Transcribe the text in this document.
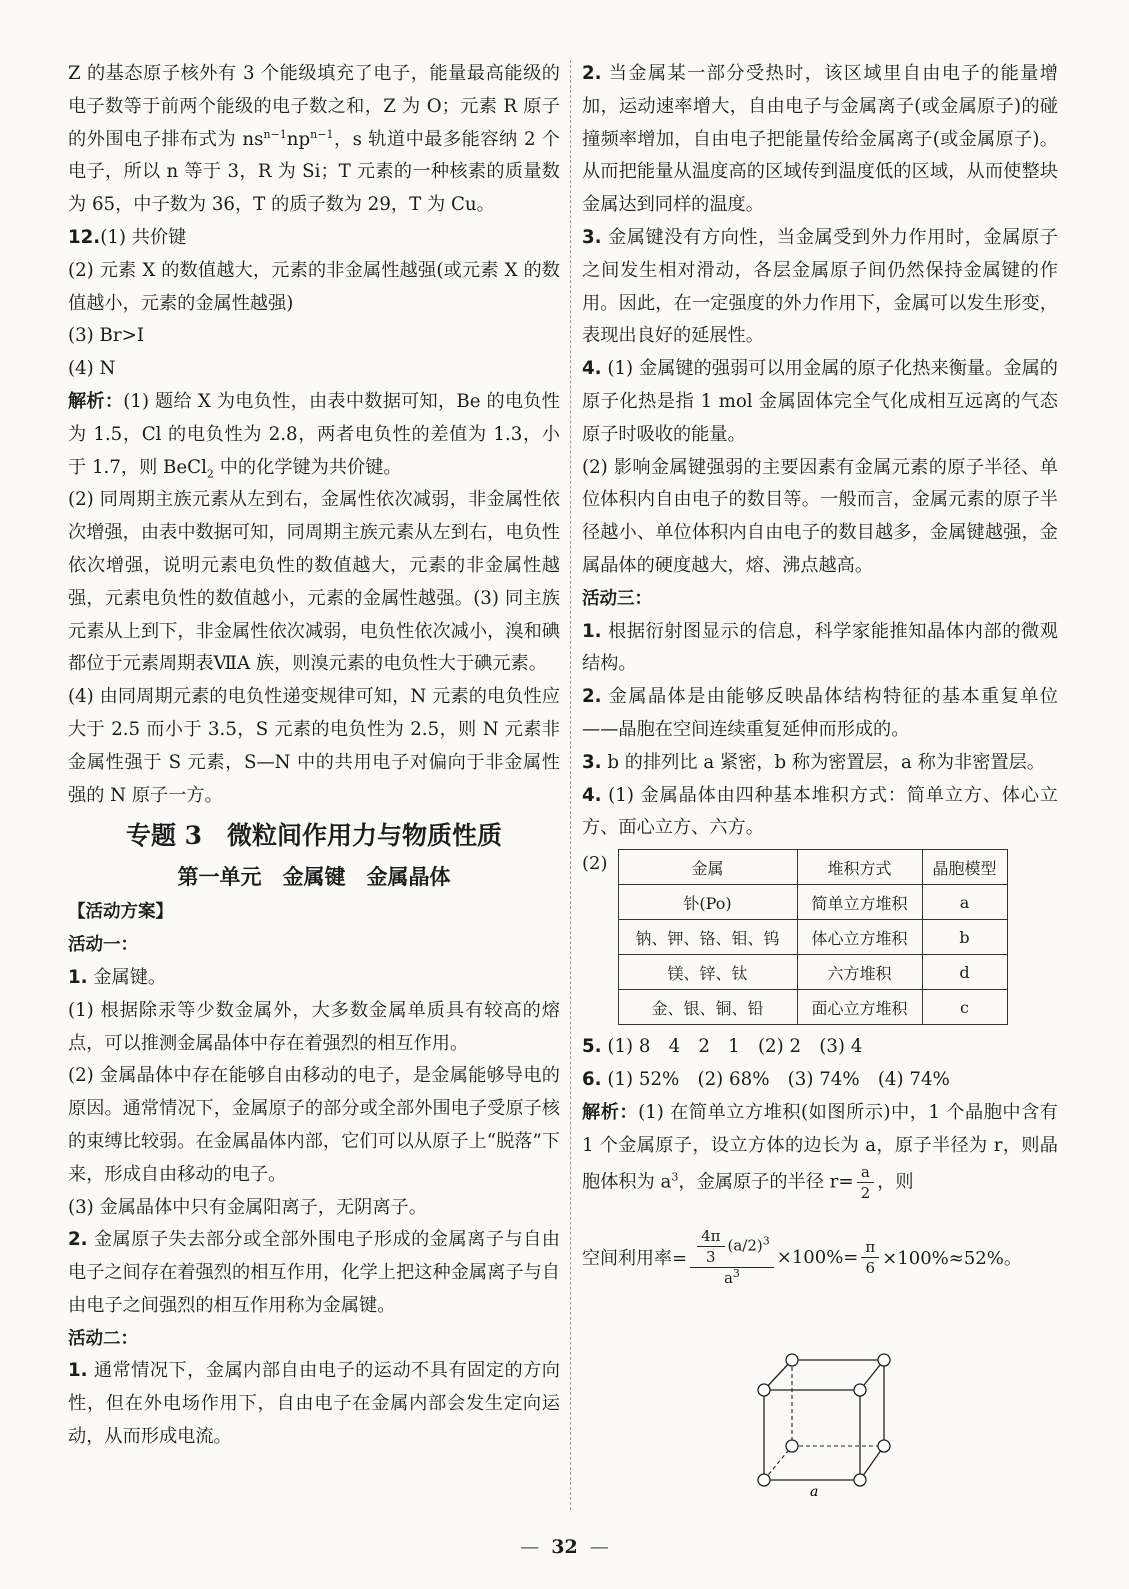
Z 的基态原子核外有 3 个能级填充了电子，能量最高能级的电子数等于前两个能级的电子数之和，Z 为 O；元素 R 原子的外围电子排布式为 $ns^{n-1}np^{n-1}$，s 轨道中最多能容纳 2 个电子，所以 n 等于 3，R 为 Si；T 元素的一种核素的质量数为 65，中子数为 36，T 的质子数为 29，T 为 Cu。

12.(1) 共价键

(2) 元素 X 的数值越大，元素的非金属性越强(或元素 X 的数值越小，元素的金属性越强)

(3) Br>I

(4) N

解析：(1) 题给 X 为电负性，由表中数据可知，Be 的电负性为 1.5，Cl 的电负性为 2.8，两者电负性的差值为 1.3，小于 1.7，则 BeCl$_2$ 中的化学键为共价键。

(2) 同周期主族元素从左到右，金属性依次减弱，非金属性依次增强，由表中数据可知，同周期主族元素从左到右，电负性依次增强，说明元素电负性的数值越大，元素的非金属性越强，元素电负性的数值越小，元素的金属性越强。(3) 同主族元素从上到下，非金属性依次减弱，电负性依次减小，溴和碘都位于元素周期表ⅦA 族，则溴元素的电负性大于碘元素。

(4) 由同周期元素的电负性递变规律可知，N 元素的电负性应大于 2.5 而小于 3.5，S 元素的电负性为 2.5，则 N 元素非金属性强于 S 元素，S—N 中的共用电子对偏向于非金属性强的 N 原子一方。

专题 3　微粒间作用力与物质性质
第一单元　金属键　金属晶体
【活动方案】
活动一：

1. 金属键。

(1) 根据除汞等少数金属外，大多数金属单质具有较高的熔点，可以推测金属晶体中存在着强烈的相互作用。

(2) 金属晶体中存在能够自由移动的电子，是金属能够导电的原因。通常情况下，金属原子的部分或全部外围电子受原子核的束缚比较弱。在金属晶体内部，它们可以从原子上“脱落”下来，形成自由移动的电子。

(3) 金属晶体中只有金属阳离子，无阴离子。

2. 金属原子失去部分或全部外围电子形成的金属离子与自由电子之间存在着强烈的相互作用，化学上把这种金属离子与自由电子之间强烈的相互作用称为金属键。

活动二：

1. 通常情况下，金属内部自由电子的运动不具有固定的方向性，但在外电场作用下，自由电子在金属内部会发生定向运动，从而形成电流。

2. 当金属某一部分受热时，该区域里自由电子的能量增加，运动速率增大，自由电子与金属离子(或金属原子)的碰撞频率增加，自由电子把能量传给金属离子(或金属原子)。从而把能量从温度高的区域传到温度低的区域，从而使整块金属达到同样的温度。

3. 金属键没有方向性，当金属受到外力作用时，金属原子之间发生相对滑动，各层金属原子间仍然保持金属键的作用。因此，在一定强度的外力作用下，金属可以发生形变，表现出良好的延展性。

4. (1) 金属键的强弱可以用金属的原子化热来衡量。金属的原子化热是指 1 mol 金属固体完全气化成相互远离的气态原子时吸收的能量。

(2) 影响金属键强弱的主要因素有金属元素的原子半径、单位体积内自由电子的数目等。一般而言，金属元素的原子半径越小、单位体积内自由电子的数目越多，金属键越强，金属晶体的硬度越大，熔、沸点越高。

活动三：

1. 根据衍射图显示的信息，科学家能推知晶体内部的微观结构。

2. 金属晶体是由能够反映晶体结构特征的基本重复单位——晶胞在空间连续重复延伸而形成的。

3. b 的排列比 a 紧密，b 称为密置层，a 称为非密置层。

4. (1) 金属晶体由四种基本堆积方式：简单立方、体心立方、面心立方、六方。

(2)	金属	堆积方式	晶胞模型
钋(Po)	简单立方堆积	a
钠、钾、铬、钼、钨	体心立方堆积	b
镁、锌、钛	六方堆积	d
金、银、铜、铅	面心立方堆积	c

5. (1) 8　4　2　1　(2) 2　(3) 4

6. (1) 52%　(2) 68%　(3) 74%　(4) 74%

解析：(1) 在简单立方堆积(如图所示)中，1 个晶胞中含有 1 个金属原子，设立方体的边长为 a，原子半径为 r，则晶胞体积为 $a^3$，金属原子的半径 $r= \frac{a}{2}$ ，则

空间利用率= $\frac{\frac{4\pi}{3} (a/2)^3}{a^3} \times 100\%= \frac{\pi}{6} \times 100\%\approx 52\%$。
a
— 32 —
